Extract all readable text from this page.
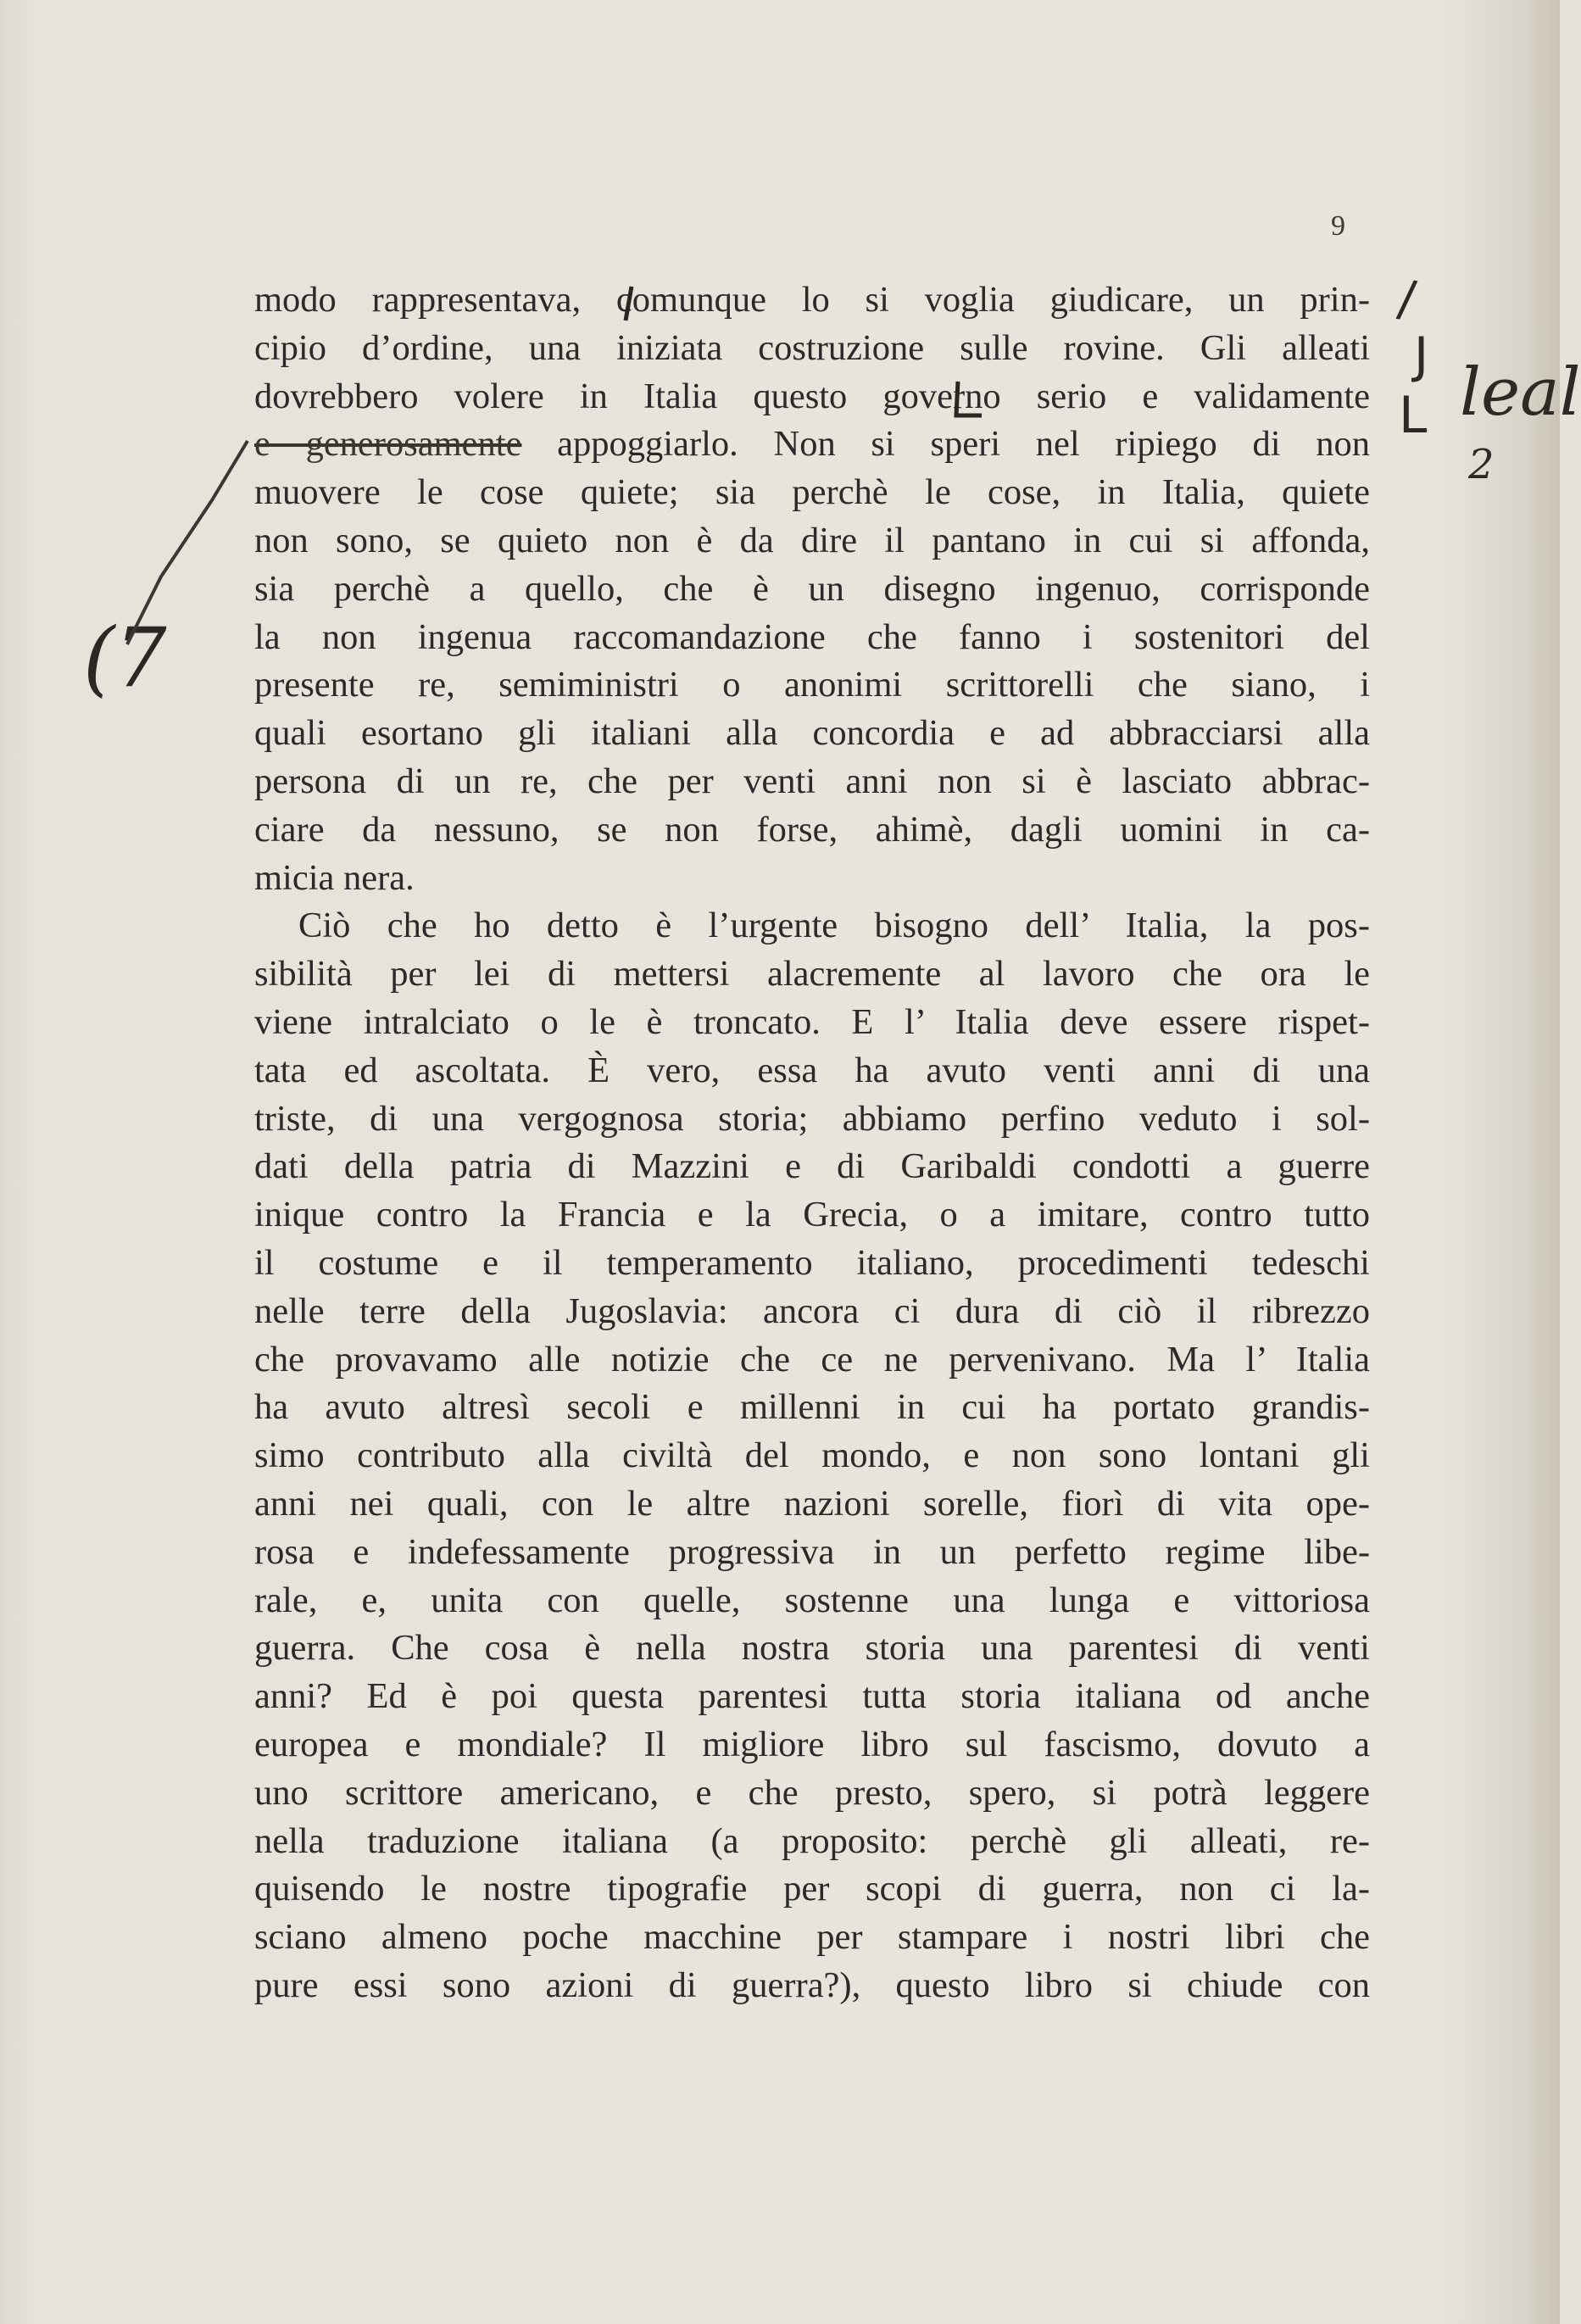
9
modo rappresentava, comunque lo si voglia giudicare, un prin-
cipio d’ordine, una iniziata costruzione sulle rovine. Gli alleati
dovrebbero volere in Italia questo governo serio e validamente
e generosamente appoggiarlo. Non si speri nel ripiego di non
muovere le cose quiete; sia perchè le cose, in Italia, quiete
non sono, se quieto non è da dire il pantano in cui si affonda,
sia perchè a quello, che è un disegno ingenuo, corrisponde
la non ingenua raccomandazione che fanno i sostenitori del
presente re, semiministri o anonimi scrittorelli che siano, i
quali esortano gli italiani alla concordia e ad abbracciarsi alla
persona di un re, che per venti anni non si è lasciato abbrac-
ciare da nessuno, se non forse, ahimè, dagli uomini in ca-
micia nera.
Ciò che ho detto è l’urgente bisogno dell’ Italia, la pos-
sibilità per lei di mettersi alacremente al lavoro che ora le
viene intralciato o le è troncato. E l’ Italia deve essere rispet-
tata ed ascoltata. È vero, essa ha avuto venti anni di una
triste, di una vergognosa storia; abbiamo perfino veduto i sol-
dati della patria di Mazzini e di Garibaldi condotti a guerre
inique contro la Francia e la Grecia, o a imitare, contro tutto
il costume e il temperamento italiano, procedimenti tedeschi
nelle terre della Jugoslavia: ancora ci dura di ciò il ribrezzo
che provavamo alle notizie che ce ne pervenivano. Ma l’ Italia
ha avuto altresì secoli e millenni in cui ha portato grandis-
simo contributo alla civiltà del mondo, e non sono lontani gli
anni nei quali, con le altre nazioni sorelle, fiorì di vita ope-
rosa e indefessamente progressiva in un perfetto regime libe-
rale, e, unita con quelle, sostenne una lunga e vittoriosa
guerra. Che cosa è nella nostra storia una parentesi di venti
anni? Ed è poi questa parentesi tutta storia italiana od anche
europea e mondiale? Il migliore libro sul fascismo, dovuto a
uno scrittore americano, e che presto, spero, si potrà leggere
nella traduzione italiana (a proposito: perchè gli alleati, re-
quisendo le nostre tipografie per scopi di guerra, non ci la-
sciano almeno poche macchine per stampare i nostri libri che
pure essi sono azioni di guerra?), questo libro si chiude con
/
J
L leal
2
(7
